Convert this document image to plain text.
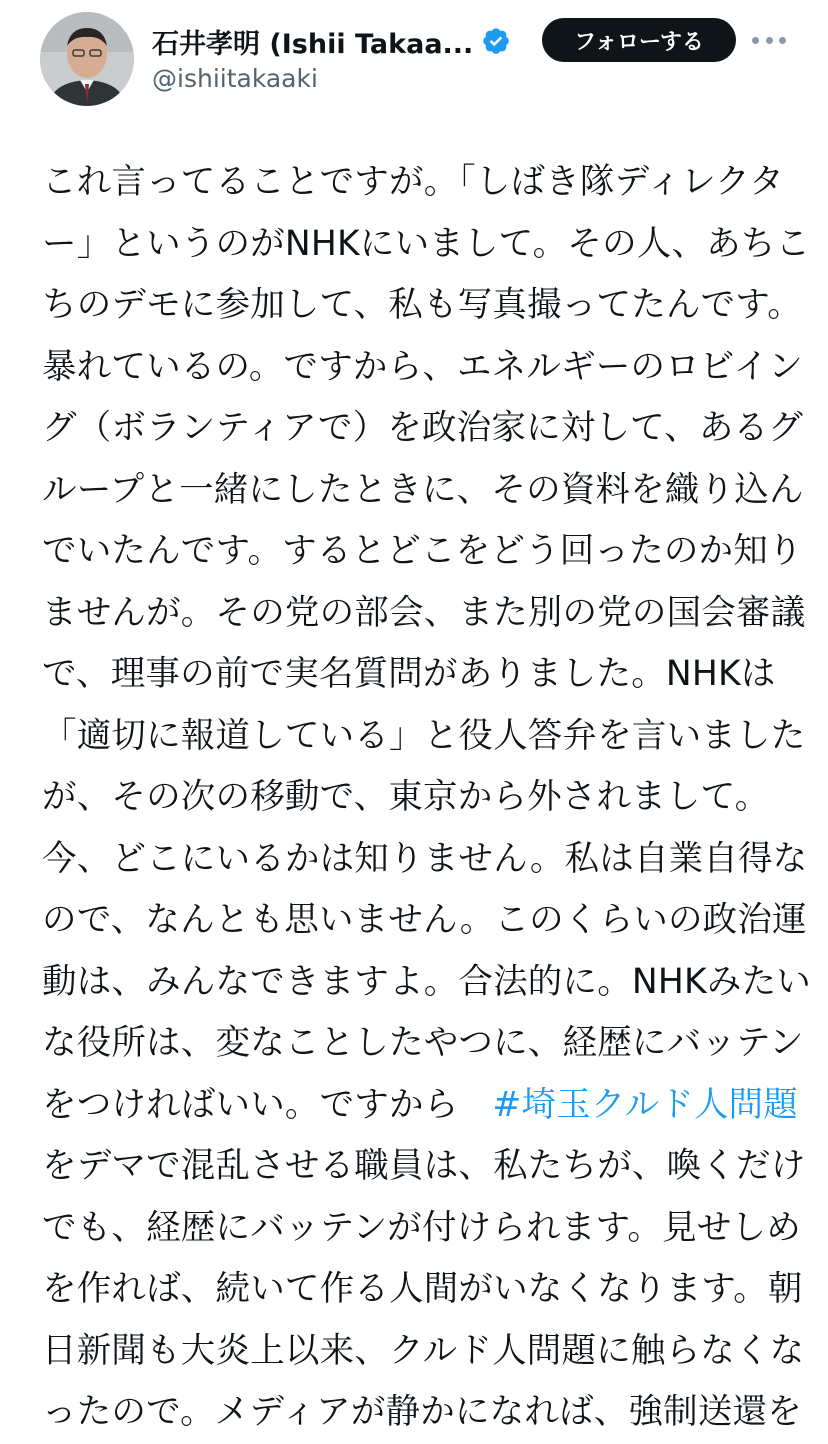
石井孝明 (Ishii Takaa...
@ishiitakaaki
フォローする
これ言ってることですが。「しばき隊ディレクタ
ー」というのがNHKにいまして。その人、あちこ
ちのデモに参加して、私も写真撮ってたんです。
暴れているの。ですから、エネルギーのロビイン
グ（ボランティアで）を政治家に対して、あるグ
ループと一緒にしたときに、その資料を織り込ん
でいたんです。するとどこをどう回ったのか知り
ませんが。その党の部会、また別の党の国会審議
で、理事の前で実名質問がありました。NHKは
「適切に報道している」と役人答弁を言いました
が、その次の移動で、東京から外されまして。
今、どこにいるかは知りません。私は自業自得な
ので、なんとも思いません。このくらいの政治運
動は、みんなできますよ。合法的に。NHKみたい
な役所は、変なことしたやつに、経歴にバッテン
をつければいい。ですから #埼玉クルド人問題
をデマで混乱させる職員は、私たちが、喚くだけ
でも、経歴にバッテンが付けられます。見せしめ
を作れば、続いて作る人間がいなくなります。朝
日新聞も大炎上以来、クルド人問題に触らなくな
ったので。メディアが静かになれば、強制送還を
